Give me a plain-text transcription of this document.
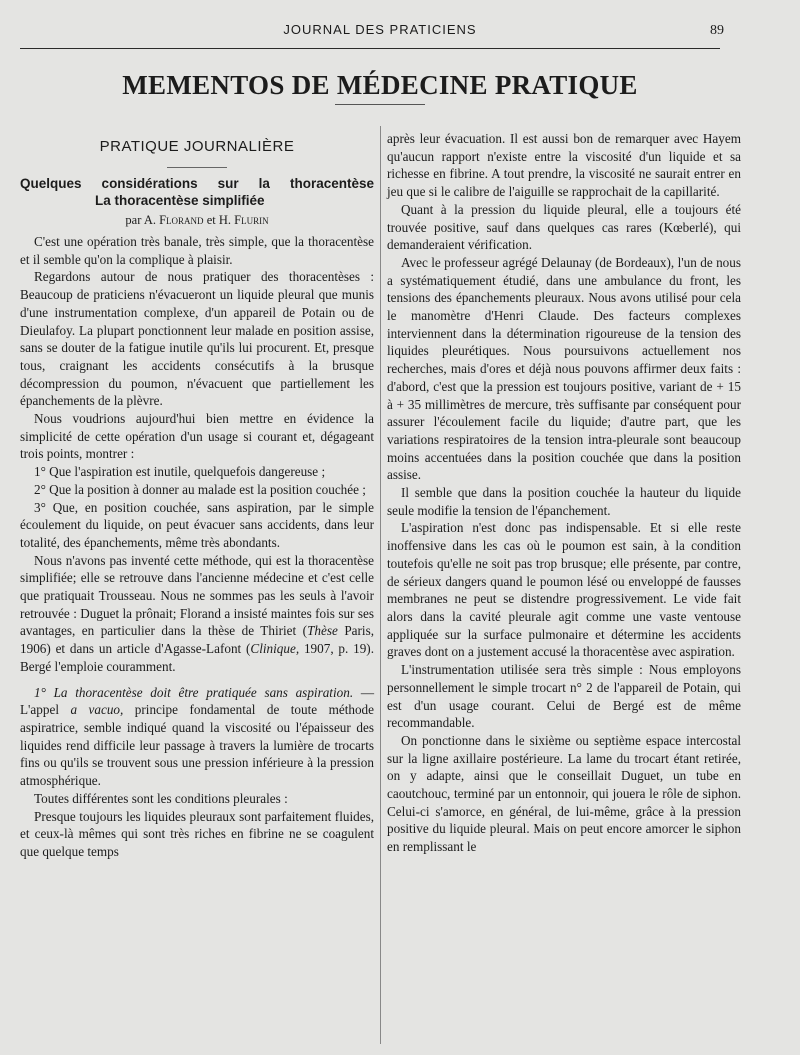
JOURNAL DES PRATICIENS	89
MEMENTOS DE MÉDECINE PRATIQUE
PRATIQUE JOURNALIÈRE
Quelques considérations sur la thoracentèse
La thoracentèse simplifiée
par A. Florand et H. Flurin

C'est une opération très banale, très simple, que la thoracentèse et il semble qu'on la complique à plaisir.

Regardons autour de nous pratiquer des thoracentèses : Beaucoup de praticiens n'évacueront un liquide pleural que munis d'une instrumentation complexe, d'un appareil de Potain ou de Dieulafoy. La plupart ponctionnent leur malade en position assise, sans se douter de la fatigue inutile qu'ils lui procurent. Et, presque tous, craignant les accidents consécutifs à la brusque décompression du poumon, n'évacuent que partiellement les épanchements de la plèvre.

Nous voudrions aujourd'hui bien mettre en évidence la simplicité de cette opération d'un usage si courant et, dégageant trois points, montrer :

1° Que l'aspiration est inutile, quelquefois dangereuse ;

2° Que la position à donner au malade est la position couchée ;

3° Que, en position couchée, sans aspiration, par le simple écoulement du liquide, on peut évacuer sans accidents, dans leur totalité, des épanchements, même très abondants.

Nous n'avons pas inventé cette méthode, qui est la thoracentèse simplifiée; elle se retrouve dans l'ancienne médecine et c'est celle que pratiquait Trousseau. Nous ne sommes pas les seuls à l'avoir retrouvée : Duguet la prônait; Florand a insisté maintes fois sur ses avantages, en particulier dans la thèse de Thiriet (Thèse Paris, 1906) et dans un article d'Agasse-Lafont (Clinique, 1907, p. 19). Bergé l'emploie couramment.

1° La thoracentèse doit être pratiquée sans aspiration. — L'appel a vacuo, principe fondamental de toute méthode aspiratrice, semble indiqué quand la viscosité ou l'épaisseur des liquides rend difficile leur passage à travers la lumière de trocarts fins ou qu'ils se trouvent sous une pression inférieure à la pression atmosphérique.

Toutes différentes sont les conditions pleurales :

Presque toujours les liquides pleuraux sont parfaitement fluides, et ceux-là mêmes qui sont très riches en fibrine ne se coagulent que quelque temps

après leur évacuation. Il est aussi bon de remarquer avec Hayem qu'aucun rapport n'existe entre la viscosité d'un liquide et sa richesse en fibrine. A tout prendre, la viscosité ne saurait entrer en jeu que si le calibre de l'aiguille se rapprochait de la capillarité.

Quant à la pression du liquide pleural, elle a toujours été trouvée positive, sauf dans quelques cas rares (Kœberlé), qui demanderaient vérification.

Avec le professeur agrégé Delaunay (de Bordeaux), l'un de nous a systématiquement étudié, dans une ambulance du front, les tensions des épanchements pleuraux. Nous avons utilisé pour cela le manomètre d'Henri Claude. Des facteurs complexes interviennent dans la détermination rigoureuse de la tension des liquides pleurétiques. Nous poursuivons actuellement nos recherches, mais d'ores et déjà nous pouvons affirmer deux faits : d'abord, c'est que la pression est toujours positive, variant de + 15 à + 35 millimètres de mercure, très suffisante par conséquent pour assurer l'écoulement facile du liquide; d'autre part, que les variations respiratoires de la tension intra-pleurale sont beaucoup moins accentuées dans la position couchée que dans la position assise.

Il semble que dans la position couchée la hauteur du liquide seule modifie la tension de l'épanchement.

L'aspiration n'est donc pas indispensable. Et si elle reste inoffensive dans les cas où le poumon est sain, à la condition toutefois qu'elle ne soit pas trop brusque; elle présente, par contre, de sérieux dangers quand le poumon lésé ou enveloppé de fausses membranes ne peut se distendre progressivement. Le vide fait alors dans la cavité pleurale agit comme une vaste ventouse appliquée sur la surface pulmonaire et détermine les accidents graves dont on a justement accusé la thoracentèse avec aspiration.

L'instrumentation utilisée sera très simple : Nous employons personnellement le simple trocart n° 2 de l'appareil de Potain, qui est d'un usage courant. Celui de Bergé est de même recommandable.

On ponctionne dans le sixième ou septième espace intercostal sur la ligne axillaire postérieure. La lame du trocart étant retirée, on y adapte, ainsi que le conseillait Duguet, un tube en caoutchouc, terminé par un entonnoir, qui jouera le rôle de siphon. Celui-ci s'amorce, en général, de lui-même, grâce à la pression positive du liquide pleural. Mais on peut encore amorcer le siphon en remplissant le
